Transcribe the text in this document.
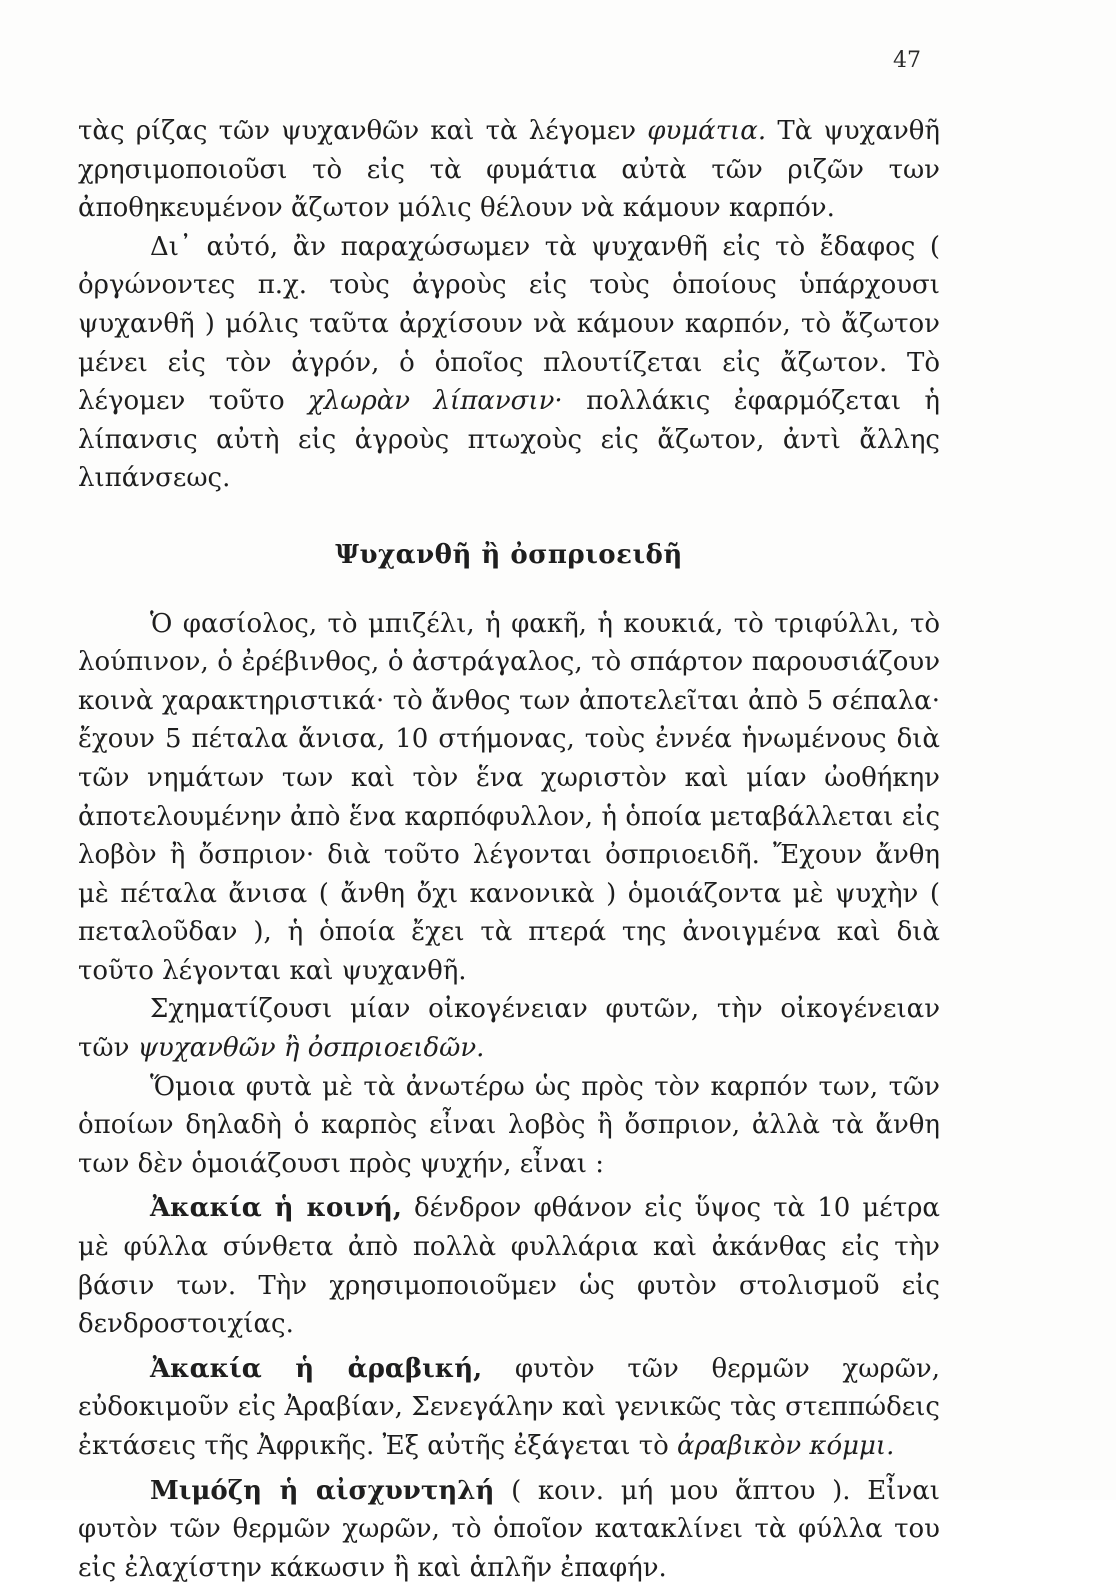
47

τὰς ρίζας τῶν ψυχανθῶν καὶ τὰ λέγομεν φυμάτια. Τὰ ψυχανθῆ χρησιμοποιοῦσι τὸ εἰς τὰ φυμάτια αὐτὰ τῶν ριζῶν των ἀποθηκευμένον ἄζωτον μόλις θέλουν νὰ κάμουν καρπόν.

Δι᾽ αὐτό, ἂν παραχώσωμεν τὰ ψυχανθῆ εἰς τὸ ἔδαφος ( ὀργώνοντες π.χ. τοὺς ἀγροὺς εἰς τοὺς ὁποίους ὑπάρχουσι ψυχανθῆ ) μόλις ταῦτα ἀρχίσουν νὰ κάμουν καρπόν, τὸ ἄζωτον μένει εἰς τὸν ἀγρόν, ὁ ὁποῖος πλουτίζεται εἰς ἄζωτον. Τὸ λέγομεν τοῦτο χλωρὰν λίπανσιν· πολλάκις ἐφαρμόζεται ἡ λίπανσις αὐτὴ εἰς ἀγροὺς πτωχοὺς εἰς ἄζωτον, ἀντὶ ἄλλης λιπάνσεως.

Ψυχανθῆ ἢ ὀσπριοειδῆ

Ὁ φασίολος, τὸ μπιζέλι, ἡ φακῆ, ἡ κουκιά, τὸ τριφύλλι, τὸ λούπινον, ὁ ἐρέβινθος, ὁ ἀστράγαλος, τὸ σπάρτον παρουσιάζουν κοινὰ χαρακτηριστικά· τὸ ἄνθος των ἀποτελεῖται ἀπὸ 5 σέπαλα· ἔχουν 5 πέταλα ἄνισα, 10 στήμονας, τοὺς ἐννέα ἡνωμένους διὰ τῶν νημάτων των καὶ τὸν ἕνα χωριστὸν καὶ μίαν ὠοθήκην ἀποτελουμένην ἀπὸ ἕνα καρπόφυλλον, ἡ ὁποία μεταβάλλεται εἰς λοβὸν ἢ ὄσπριον· διὰ τοῦτο λέγονται ὀσπριοειδῆ. Ἔχουν ἄνθη μὲ πέταλα ἄνισα ( ἄνθη ὄχι κανονικὰ ) ὁμοιάζοντα μὲ ψυχὴν ( πεταλοῦδαν ), ἡ ὁποία ἔχει τὰ πτερά της ἀνοιγμένα καὶ διὰ τοῦτο λέγονται καὶ ψυχανθῆ.

Σχηματίζουσι μίαν οἰκογένειαν φυτῶν, τὴν οἰκογένειαν τῶν ψυχανθῶν ἢ ὀσπριοειδῶν.

Ὅμοια φυτὰ μὲ τὰ ἀνωτέρω ὡς πρὸς τὸν καρπόν των, τῶν ὁποίων δηλαδὴ ὁ καρπὸς εἶναι λοβὸς ἢ ὄσπριον, ἀλλὰ τὰ ἄνθη των δὲν ὁμοιάζουσι πρὸς ψυχήν, εἶναι :

Ἀκακία ἡ κοινή, δένδρον φθάνον εἰς ὕψος τὰ 10 μέτρα μὲ φύλλα σύνθετα ἀπὸ πολλὰ φυλλάρια καὶ ἀκάνθας εἰς τὴν βάσιν των. Τὴν χρησιμοποιοῦμεν ὡς φυτὸν στολισμοῦ εἰς δενδροστοιχίας.

Ἀκακία ἡ ἀραβική, φυτὸν τῶν θερμῶν χωρῶν, εὐδοκιμοῦν εἰς Ἀραβίαν, Σενεγάλην καὶ γενικῶς τὰς στεππώδεις ἐκτάσεις τῆς Ἀφρικῆς. Ἐξ αὐτῆς ἐξάγεται τὸ ἀραβικὸν κόμμι.

Μιμόζη ἡ αἰσχυντηλή ( κοιν. μή μου ἅπτου ). Εἶναι φυτὸν τῶν θερμῶν χωρῶν, τὸ ὁποῖον κατακλίνει τὰ φύλλα του εἰς ἐλαχίστην κάκωσιν ἢ καὶ ἁπλῆν ἐπαφήν.
